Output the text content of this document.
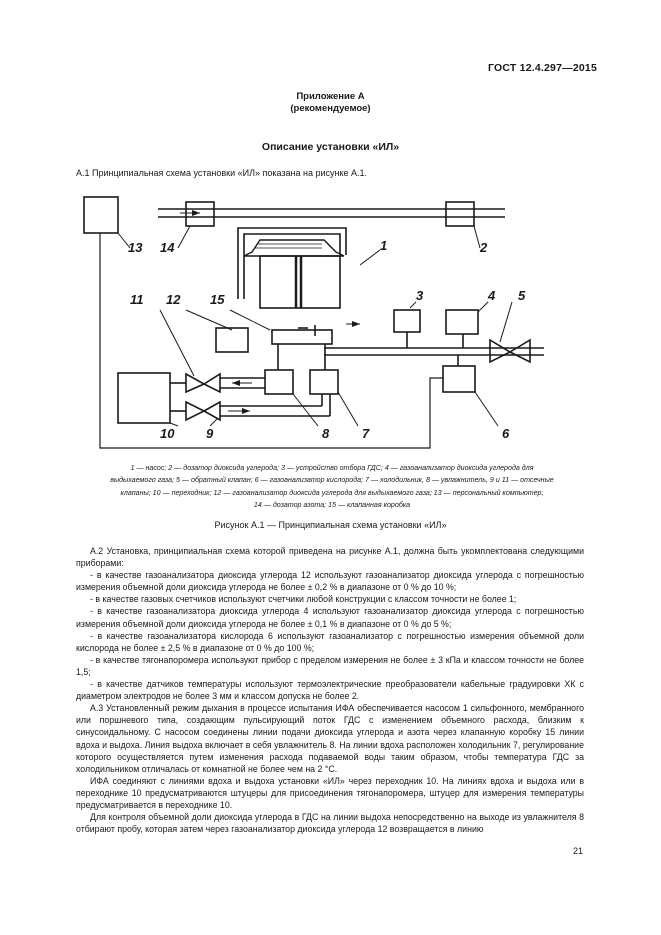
ГОСТ 12.4.297—2015
Приложение А
(рекомендуемое)
Описание установки «ИЛ»
А.1 Принципиальная схема установки «ИЛ» показана на рисунке А.1.
13 14	1	2
11 12 15	3	4 5
10 9	8	7	6
1 — насос; 2 — дозатор диоксида углерода; 3 — устройство отбора ГДС; 4 — газоанализатор диоксида углерода для
выдыхаемого газа; 5 — обратный клапан; 6 — газоанализатор кислорода; 7 — холодильник, 8 — увлажнитель, 9 и 11 — отсечные
клапаны; 10 — переходник; 12 — газоанализатор диоксида углерода для выдыхаемого газа; 13 — персональный компьютер;
14 — дозатор азота; 15 — клапанная коробка
Рисунок А.1 — Принципиальная схема установки «ИЛ»

А.2 Установка, принципиальная схема которой приведена на рисунке А.1, должна быть укомплектована следующими приборами:

- в качестве газоанализатора диоксида углерода 12 используют газоанализатор диоксида углерода с погрешностью измерения объемной доли диоксида углерода не более ± 0,2 % в диапазоне от 0 % до 10 %;

- в качестве газовых счетчиков используют счетчики любой конструкции с классом точности не более 1;

- в качестве газоанализатора диоксида углерода 4 используют газоанализатор диоксида углерода с погрешностью измерения объемной доли диоксида углерода не более ± 0,1 % в диапазоне от 0 % до 5 %;

- в качестве газоанализатора кислорода 6 используют газоанализатор с погрешностью измерения объемной доли кислорода не более ± 2,5 % в диапазоне от 0 % до 100 %;

- в качестве тягонапоромера используют прибор с пределом измерения не более ± 3 кПа и классом точности не более 1,5;

- в качестве датчиков температуры используют термоэлектрические преобразователи кабельные градуировки ХК с диаметром электродов не более 3 мм и классом допуска не более 2.

А.3 Установленный режим дыхания в процессе испытания ИФА обеспечивается насосом 1 сильфонного, мембранного или поршневого типа, создающим пульсирующий поток ГДС с изменением объемного расхода, близким к синусоидальному. С насосом соединены линии подачи диоксида углерода и азота через клапанную коробку 15 линии вдоха и выдоха. Линия выдоха включает в себя увлажнитель 8. На линии вдоха расположен холодильник 7, регулирование которого осуществляется путем изменения расхода подаваемой воды таким образом, чтобы температура ГДС за холодильником отличалась от комнатной не более чем на 2 °С.

ИФА соединяют с линиями вдоха и выдоха установки «ИЛ» через переходник 10. На линиях вдоха и выдоха или в переходнике 10 предусматриваются штуцеры для присоединения тягонапоромера, штуцер для измерения температуры предусматривается в переходнике 10.

Для контроля объемной доли диоксида углерода в ГДС на линии выдоха непосредственно на выходе из увлажнителя 8 отбирают пробу, которая затем через газоанализатор диоксида углерода 12 возвращается в линию

21
